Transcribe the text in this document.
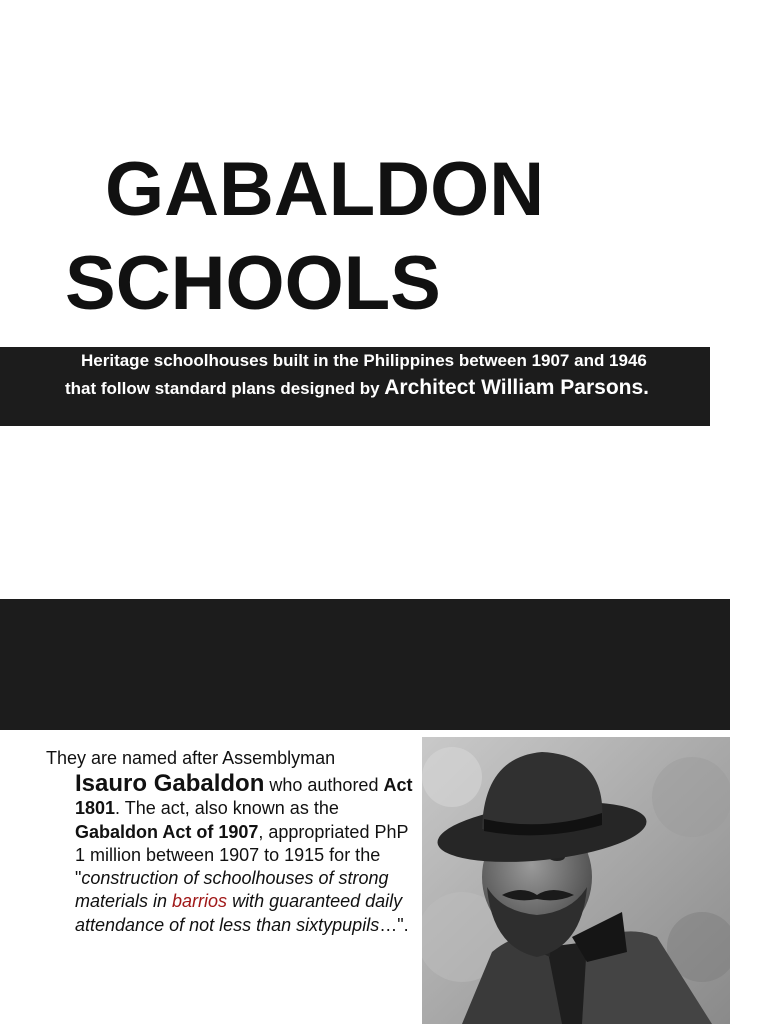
GABALDON
SCHOOLS
Heritage schoolhouses built in the Philippines between 1907 and 1946 that follow standard plans designed by Architect William Parsons.
They are named after Assemblyman
Isauro Gabaldon who authored Act 1801. The act, also known as the Gabaldon Act of 1907, appropriated PhP 1 million between 1907 to 1915 for the "construction of schoolhouses of strong materials in barrios with guaranteed daily attendance of not less than sixtypupils…".
